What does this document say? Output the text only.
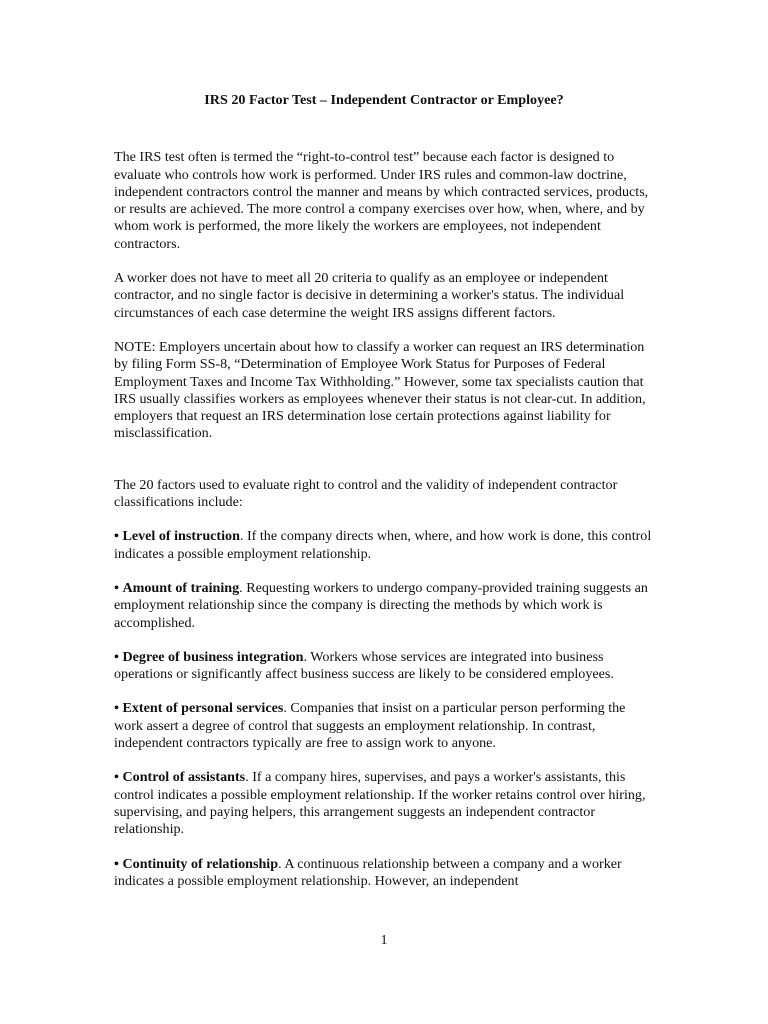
IRS 20 Factor Test – Independent Contractor or Employee?

The IRS test often is termed the “right-to-control test” because each factor is designed to evaluate who controls how work is performed. Under IRS rules and common-law doctrine, independent contractors control the manner and means by which contracted services, products, or results are achieved. The more control a company exercises over how, when, where, and by whom work is performed, the more likely the workers are employees, not independent contractors.

A worker does not have to meet all 20 criteria to qualify as an employee or independent contractor, and no single factor is decisive in determining a worker's status. The individual circumstances of each case determine the weight IRS assigns different factors.

NOTE: Employers uncertain about how to classify a worker can request an IRS determination by filing Form SS-8, “Determination of Employee Work Status for Purposes of Federal Employment Taxes and Income Tax Withholding.” However, some tax specialists caution that IRS usually classifies workers as employees whenever their status is not clear-cut. In addition, employers that request an IRS determination lose certain protections against liability for misclassification.

The 20 factors used to evaluate right to control and the validity of independent contractor classifications include:

• Level of instruction. If the company directs when, where, and how work is done, this control indicates a possible employment relationship.

• Amount of training. Requesting workers to undergo company-provided training suggests an employment relationship since the company is directing the methods by which work is accomplished.

• Degree of business integration. Workers whose services are integrated into business operations or significantly affect business success are likely to be considered employees.

• Extent of personal services. Companies that insist on a particular person performing the work assert a degree of control that suggests an employment relationship. In contrast, independent contractors typically are free to assign work to anyone.

• Control of assistants. If a company hires, supervises, and pays a worker's assistants, this control indicates a possible employment relationship. If the worker retains control over hiring, supervising, and paying helpers, this arrangement suggests an independent contractor relationship.

• Continuity of relationship. A continuous relationship between a company and a worker indicates a possible employment relationship. However, an independent

1
